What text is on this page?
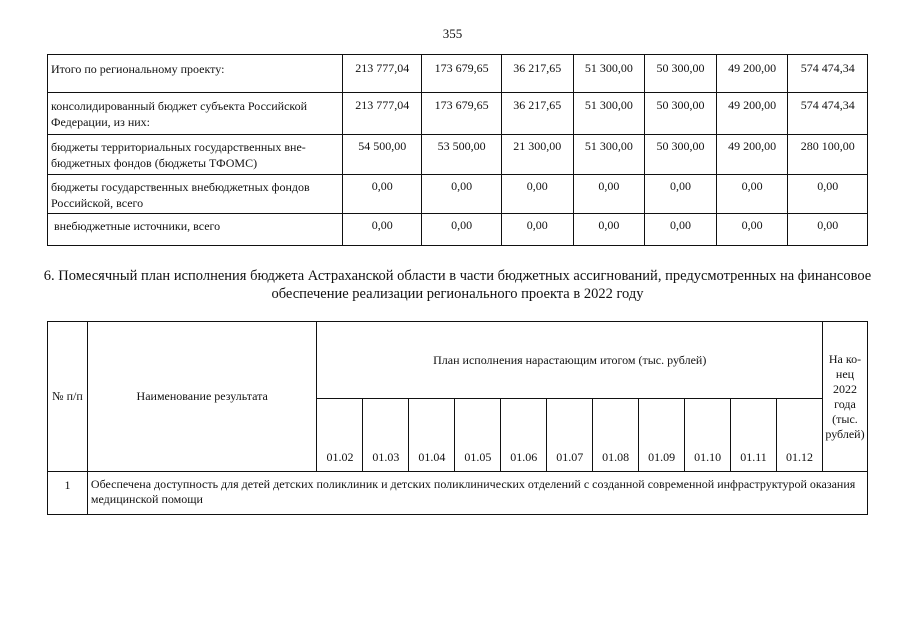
355
Итого по региональному проекту:	213 777,04	173 679,65	36 217,65	51 300,00	50 300,00	49 200,00	574 474,34
консолидированный бюджет субъекта Российской Федерации, из них:	213 777,04	173 679,65	36 217,65	51 300,00	50 300,00	49 200,00	574 474,34
бюджеты территориальных государственных вне-бюджетных фондов (бюджеты ТФОМС)	54 500,00	53 500,00	21 300,00	51 300,00	50 300,00	49 200,00	280 100,00
бюджеты государственных внебюджетных фондов Российской, всего	0,00	0,00	0,00	0,00	0,00	0,00	0,00
внебюджетные источники, всего	0,00	0,00	0,00	0,00	0,00	0,00	0,00
6. Помесячный план исполнения бюджета Астраханской области в части бюджетных ассигнований, предусмотренных на финансовое обеспечение реализации регионального проекта в 2022 году
№ п/п	Наименование результата	План исполнения нарастающим итогом (тыс. рублей)											На ко-нец 2022 года (тыс. рублей)
		01.02	01.03	01.04	01.05	01.06	01.07	01.08	01.09	01.10	01.11	01.12	
1	Обеспечена доступность для детей детских поликлиник и детских поликлинических отделений с созданной современной инфраструктурой оказания медицинской помощи												
